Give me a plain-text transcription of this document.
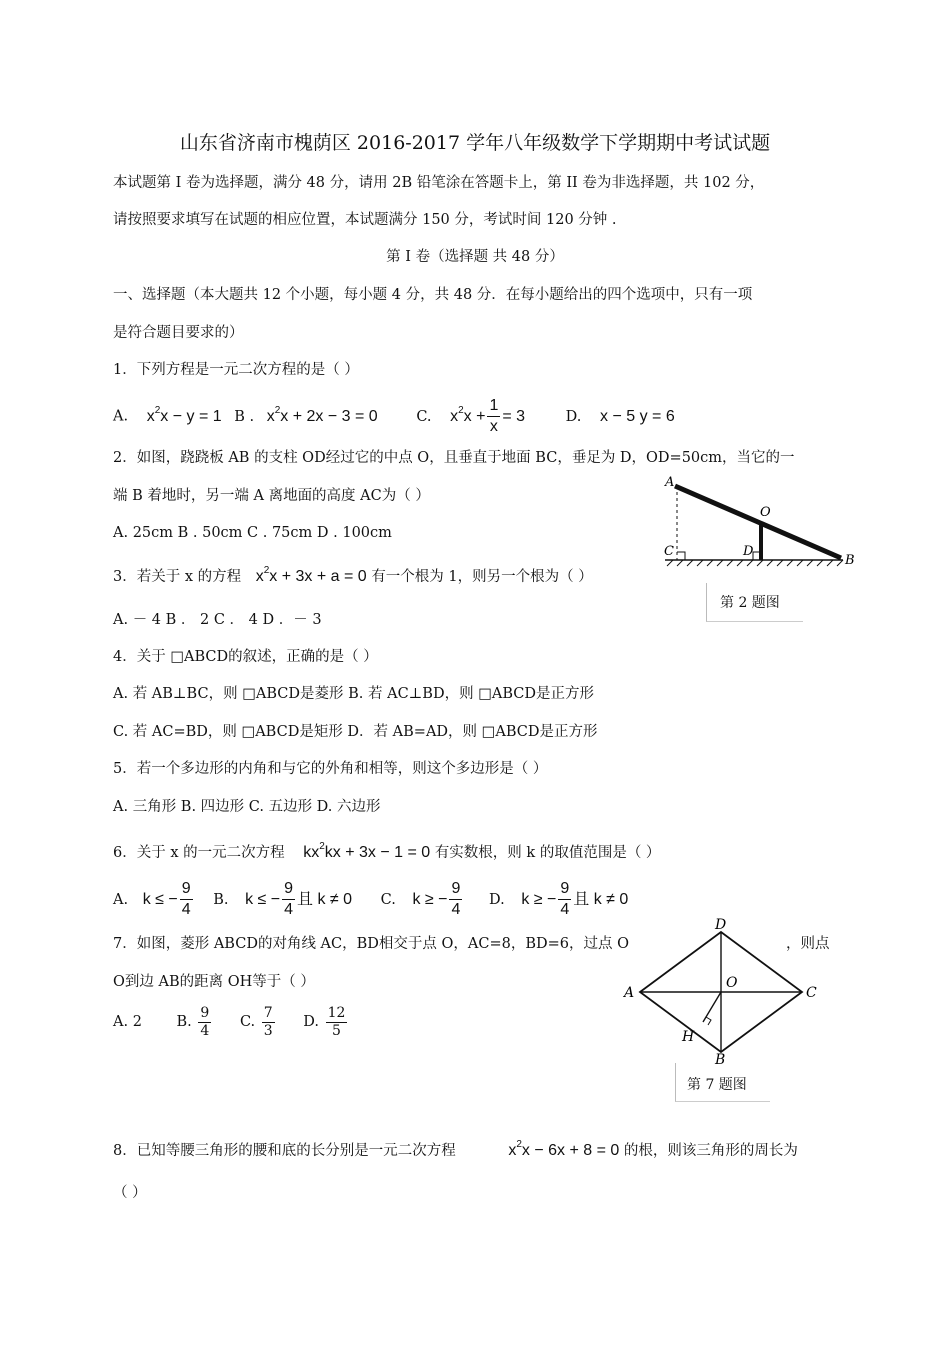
山东省济南市槐荫区 2016-2017 学年八年级数学下学期期中考试试题
本试题第 I 卷为选择题，满分 48 分，请用 2B 铅笔涂在答题卡上，第 II 卷为非选择题，共 102 分，
请按照要求填写在试题的相应位置，本试题满分 150 分，考试时间 120 分钟 .
第 I 卷（选择题 共 48 分）
一、选择题（本大题共 12 个小题，每小题 4 分，共 48 分．在每小题给出的四个选项中，只有一项
是符合题目要求的）
1．下列方程是一元二次方程的是（ ）
A. $x^2x - y = 1$ B . $x^2x + 2x - 3 = 0$	C. $x^2x + \frac{1}{x} = 3$	D. x − 5 y = 6
2．如图，跷跷板 AB 的支柱 OD经过它的中点 O，且垂直于地面 BC，垂足为 D，OD=50cm，当它的一
端 B 着地时，另一端 A 离地面的高度 AC为（ ）
A. 25cm B . 50cm C . 75cm D . 100cm
A
O
C	D
B
第 2 题图
3．若关于 x 的方程 $x^2x + 3x + a = 0$ 有一个根为 1，则另一个根为（ ）
A. － 4 B ． 2 C ． 4 D ．－ 3
4．关于 □ABCD的叙述，正确的是（ ）
A. 若 AB⊥BC，则 □ABCD是菱形 B. 若 AC⊥BD，则 □ABCD是正方形
C. 若 AC=BD，则 □ABCD是矩形 D．若 AB=AD，则 □ABCD是正方形
5．若一个多边形的内角和与它的外角和相等，则这个多边形是（ ）
A. 三角形 B. 四边形 C. 五边形 D. 六边形
6．关于 x 的一元二次方程 $kx^2kx + 3x - 1 = 0$ 有实数根，则 k 的取值范围是（ ）
A. k ≤ − $\frac{9}{4} B$. k ≤ − $\frac{9}{4}$ 且 k ≠ 0 C. k ≥ − $\frac{9}{4} D$. k ≥ − $\frac{9}{4}$ 且 k ≠ 0
7．如图，菱形 ABCD的对角线 AC，BD相交于点 O，AC=8，BD=6，过点 O	，则点
O到边 AB的距离 OH等于（ ）
A. 2 B. $\frac{9}{4} C$. $\frac{7}{3} D$. $\frac{12}{5}$
D
A	C
O
H
B
第 7 题图
8．已知等腰三角形的腰和底的长分别是一元二次方程	$x^2x - 6x + 8 = 0$ 的根，则该三角形的周长为
（ ）
